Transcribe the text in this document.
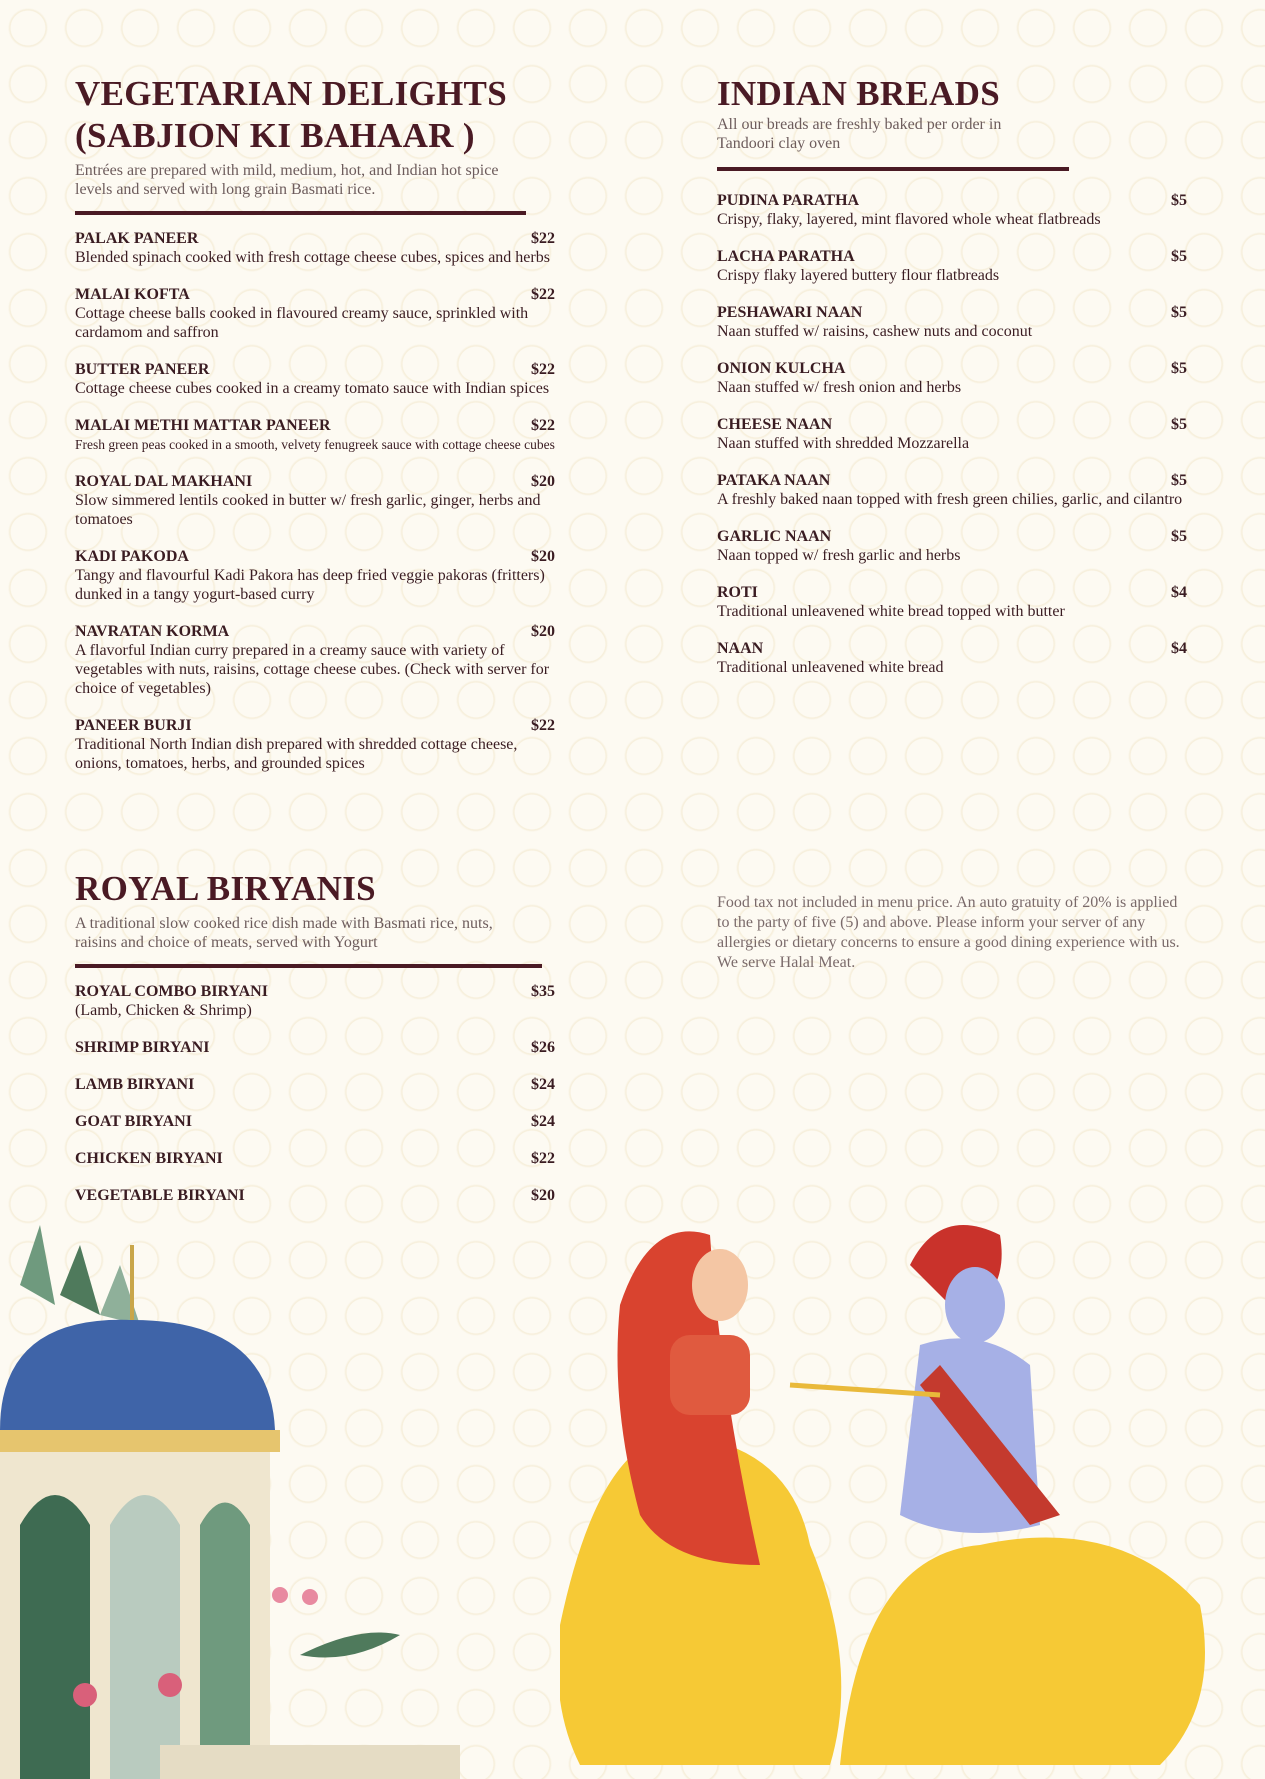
VEGETARIAN DELIGHTS
(SABJION KI BAHAAR )
Entrées are prepared with mild, medium, hot, and Indian hot spice levels and served with long grain Basmati rice.
PALAK PANEER	$22
Blended spinach cooked with fresh cottage cheese cubes, spices and herbs
MALAI KOFTA	$22
Cottage cheese balls cooked in flavoured creamy sauce, sprinkled with cardamom and saffron
BUTTER PANEER	$22
Cottage cheese cubes cooked in a creamy tomato sauce with Indian spices
MALAI METHI MATTAR PANEER	$22
Fresh green peas cooked in a smooth, velvety fenugreek sauce with cottage cheese cubes
ROYAL DAL MAKHANI	$20
Slow simmered lentils cooked in butter w/ fresh garlic, ginger, herbs and tomatoes
KADI PAKODA	$20
Tangy and flavourful Kadi Pakora has deep fried veggie pakoras (fritters) dunked in a tangy yogurt-based curry
NAVRATAN KORMA	$20
A flavorful Indian curry prepared in a creamy sauce with variety of vegetables with nuts, raisins, cottage cheese cubes. (Check with server for choice of vegetables)
PANEER BURJI	$22
Traditional North Indian dish prepared with shredded cottage cheese, onions, tomatoes, herbs, and grounded spices
ROYAL BIRYANIS
A traditional slow cooked rice dish made with Basmati rice, nuts, raisins and choice of meats, served with Yogurt
ROYAL COMBO BIRYANI	$35
(Lamb, Chicken & Shrimp)
SHRIMP BIRYANI	$26
LAMB BIRYANI	$24
GOAT BIRYANI	$24
CHICKEN BIRYANI	$22
VEGETABLE BIRYANI	$20
INDIAN BREADS
All our breads are freshly baked per order in Tandoori clay oven
PUDINA PARATHA	$5
Crispy, flaky, layered, mint flavored whole wheat flatbreads
LACHA PARATHA	$5
Crispy flaky layered buttery flour flatbreads
PESHAWARI NAAN	$5
Naan stuffed w/ raisins, cashew nuts and coconut
ONION KULCHA	$5
Naan stuffed w/ fresh onion and herbs
CHEESE NAAN	$5
Naan stuffed with shredded Mozzarella
PATAKA NAAN	$5
A freshly baked naan topped with fresh green chilies, garlic, and cilantro
GARLIC NAAN	$5
Naan topped w/ fresh garlic and herbs
ROTI	$4
Traditional unleavened white bread topped with butter
NAAN	$4
Traditional unleavened white bread
Food tax not included in menu price. An auto gratuity of 20% is applied to the party of five (5) and above. Please inform your server of any allergies or dietary concerns to ensure a good dining experience with us. We serve Halal Meat.
